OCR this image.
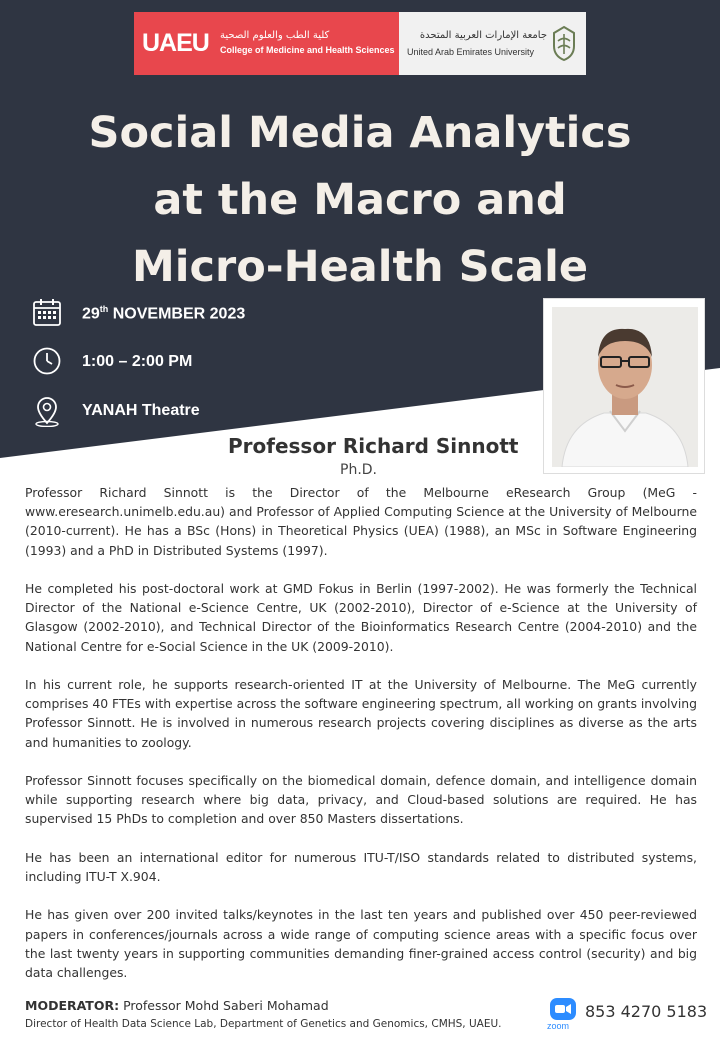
UAEU كلية الطب والعلوم الصحية
College of Medicine and Health Sciences
جامعة الإمارات العربية المتحدة
United Arab Emirates University
Social Media Analytics
at the Macro and
Micro-Health Scale
29th NOVEMBER 2023
1:00 – 2:00 PM
YANAH Theatre
Professor Richard Sinnott
Ph.D.

Professor Richard Sinnott is the Director of the Melbourne eResearch Group (MeG - www.eresearch.unimelb.edu.au) and Professor of Applied Computing Science at the University of Melbourne (2010-current). He has a BSc (Hons) in Theoretical Physics (UEA) (1988), an MSc in Software Engineering (1993) and a PhD in Distributed Systems (1997).

He completed his post-doctoral work at GMD Fokus in Berlin (1997-2002). He was formerly the Technical Director of the National e-Science Centre, UK (2002-2010), Director of e-Science at the University of Glasgow (2002-2010), and Technical Director of the Bioinformatics Research Centre (2004-2010) and the National Centre for e-Social Science in the UK (2009-2010).

In his current role, he supports research-oriented IT at the University of Melbourne. The MeG currently comprises 40 FTEs with expertise across the software engineering spectrum, all working on grants involving Professor Sinnott. He is involved in numerous research projects covering disciplines as diverse as the arts and humanities to zoology.

Professor Sinnott focuses specifically on the biomedical domain, defence domain, and intelligence domain while supporting research where big data, privacy, and Cloud-based solutions are required. He has supervised 15 PhDs to completion and over 850 Masters dissertations.

He has been an international editor for numerous ITU-T/ISO standards related to distributed systems, including ITU-T X.904.

He has given over 200 invited talks/keynotes in the last ten years and published over 450 peer-reviewed papers in conferences/journals across a wide range of computing science areas with a specific focus over the last twenty years in supporting communities demanding finer-grained access control (security) and big data challenges.

MODERATOR: Professor Mohd Saberi Mohamad
Director of Health Data Science Lab, Department of Genetics and Genomics, CMHS, UAEU.	zoom
853 4270 5183
